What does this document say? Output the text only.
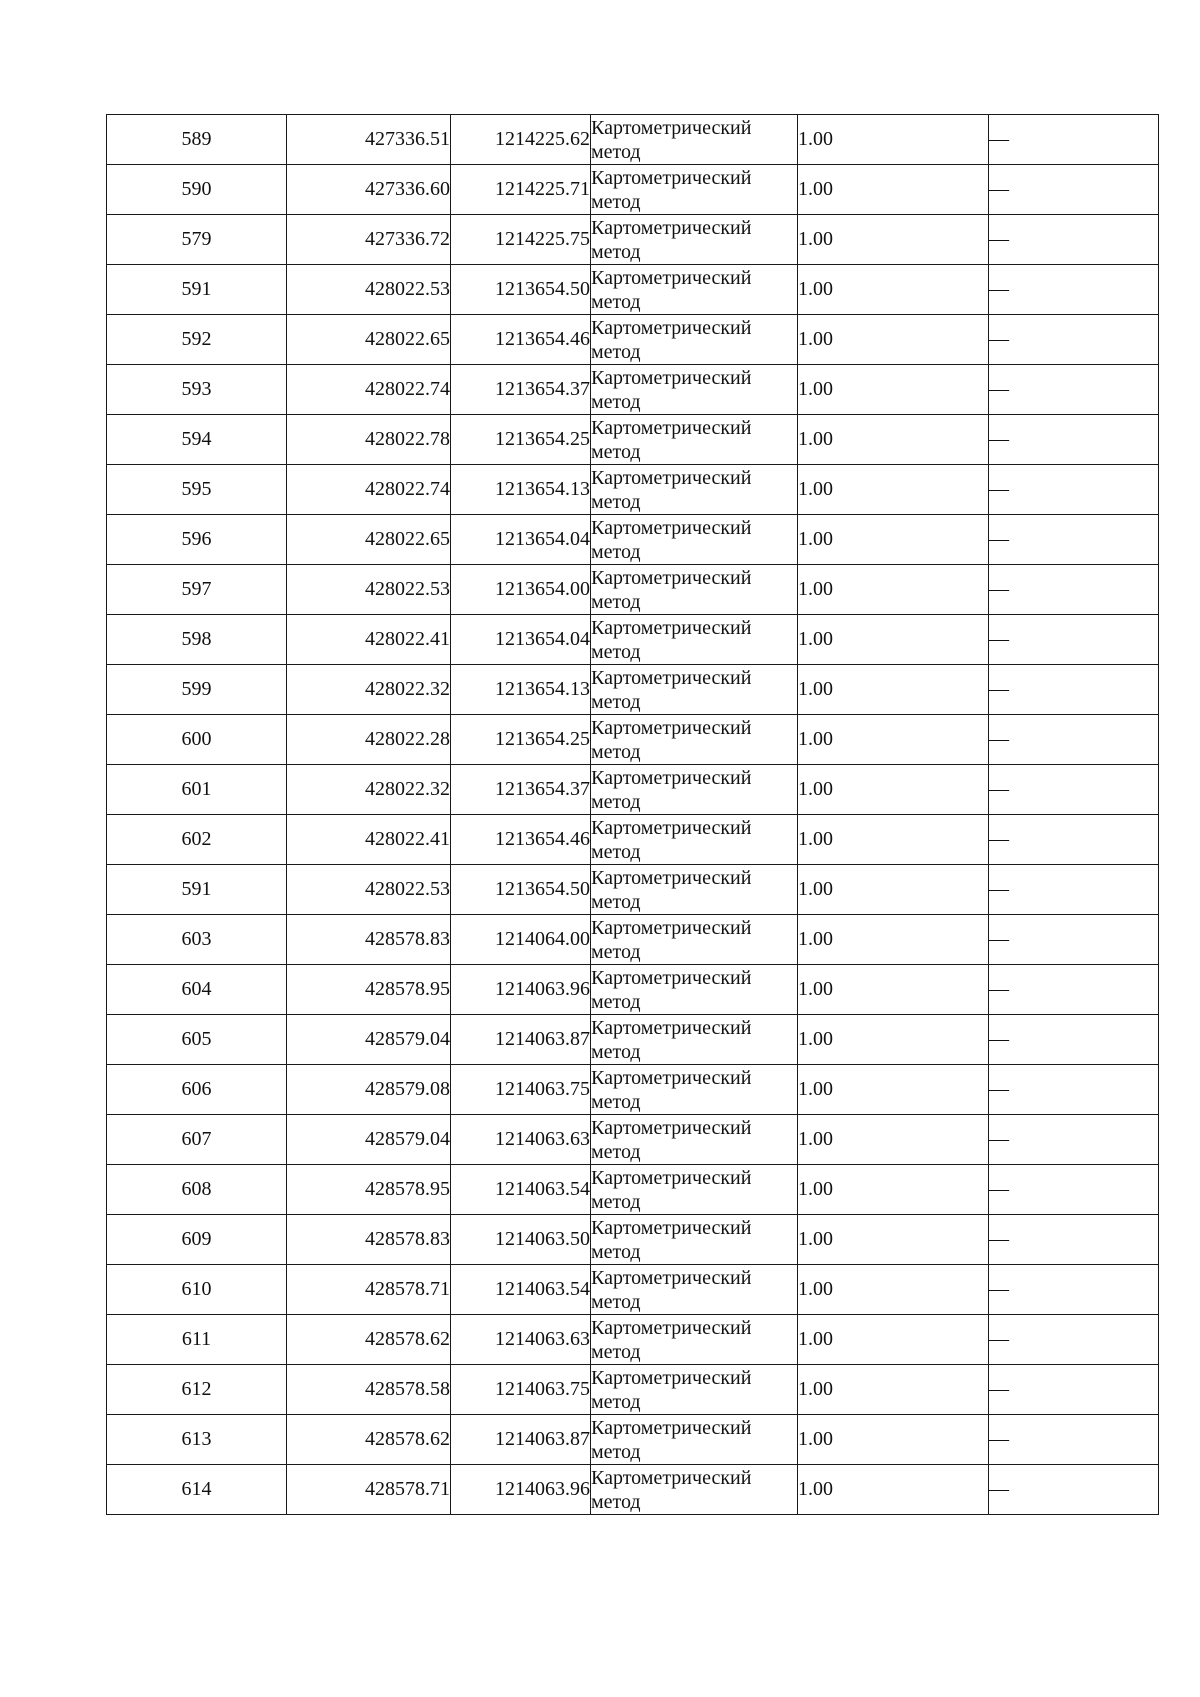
589	427336.51	1214225.62	Картометрический
метод	1.00	—
590	427336.60	1214225.71	Картометрический
метод	1.00	—
579	427336.72	1214225.75	Картометрический
метод	1.00	—
591	428022.53	1213654.50	Картометрический
метод	1.00	—
592	428022.65	1213654.46	Картометрический
метод	1.00	—
593	428022.74	1213654.37	Картометрический
метод	1.00	—
594	428022.78	1213654.25	Картометрический
метод	1.00	—
595	428022.74	1213654.13	Картометрический
метод	1.00	—
596	428022.65	1213654.04	Картометрический
метод	1.00	—
597	428022.53	1213654.00	Картометрический
метод	1.00	—
598	428022.41	1213654.04	Картометрический
метод	1.00	—
599	428022.32	1213654.13	Картометрический
метод	1.00	—
600	428022.28	1213654.25	Картометрический
метод	1.00	—
601	428022.32	1213654.37	Картометрический
метод	1.00	—
602	428022.41	1213654.46	Картометрический
метод	1.00	—
591	428022.53	1213654.50	Картометрический
метод	1.00	—
603	428578.83	1214064.00	Картометрический
метод	1.00	—
604	428578.95	1214063.96	Картометрический
метод	1.00	—
605	428579.04	1214063.87	Картометрический
метод	1.00	—
606	428579.08	1214063.75	Картометрический
метод	1.00	—
607	428579.04	1214063.63	Картометрический
метод	1.00	—
608	428578.95	1214063.54	Картометрический
метод	1.00	—
609	428578.83	1214063.50	Картометрический
метод	1.00	—
610	428578.71	1214063.54	Картометрический
метод	1.00	—
611	428578.62	1214063.63	Картометрический
метод	1.00	—
612	428578.58	1214063.75	Картометрический
метод	1.00	—
613	428578.62	1214063.87	Картометрический
метод	1.00	—
614	428578.71	1214063.96	Картометрический
метод	1.00	—
